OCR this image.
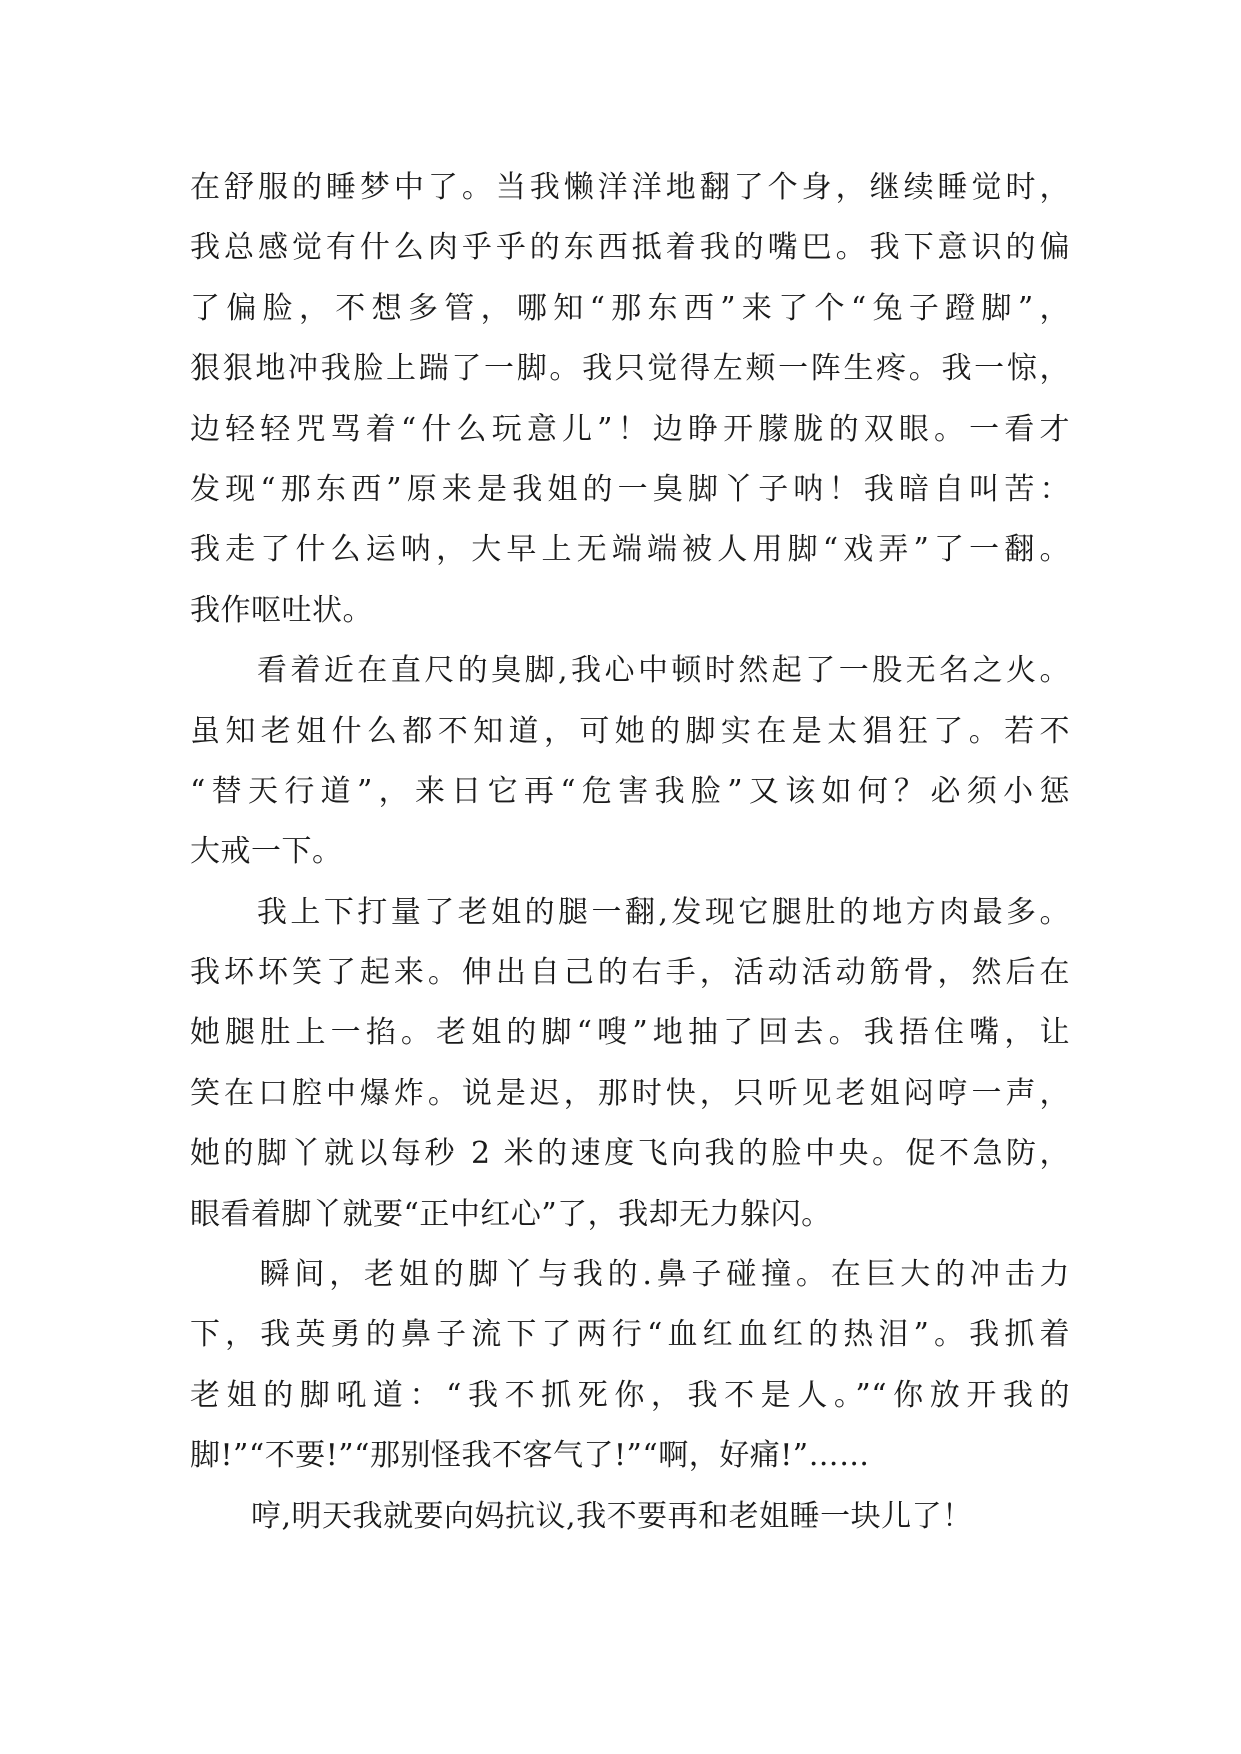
在舒服的睡梦中了。当我懒洋洋地翻了个身，继续睡觉时，
我总感觉有什么肉乎乎的东西抵着我的嘴巴。我下意识的偏
了偏脸，不想多管，哪知“那东西”来了个“兔子蹬脚”，
狠狠地冲我脸上踹了一脚。我只觉得左颊一阵生疼。我一惊，
边轻轻咒骂着“什么玩意儿”！边睁开朦胧的双眼。一看才
发现“那东西”原来是我姐的一臭脚丫子呐！我暗自叫苦：
我走了什么运呐，大早上无端端被人用脚“戏弄”了一翻。
我作呕吐状。
　　看着近在直尺的臭脚,我心中顿时然起了一股无名之火。
虽知老姐什么都不知道，可她的脚实在是太猖狂了。若不
“替天行道”，来日它再“危害我脸”又该如何？必须小惩
大戒一下。
　　我上下打量了老姐的腿一翻,发现它腿肚的地方肉最多。
我坏坏笑了起来。伸出自己的右手，活动活动筋骨，然后在
她腿肚上一掐。老姐的脚“嗖”地抽了回去。我捂住嘴，让
笑在口腔中爆炸。说是迟，那时快，只听见老姐闷哼一声，
她的脚丫就以每秒 2 米的速度飞向我的脸中央。促不急防，
眼看着脚丫就要“正中红心”了，我却无力躲闪。
　　瞬间，老姐的脚丫与我的.鼻子碰撞。在巨大的冲击力
下，我英勇的鼻子流下了两行“血红血红的热泪”。我抓着
老姐的脚吼道：“我不抓死你，我不是人。”“你放开我的
脚!”“不要!”“那别怪我不客气了!”“啊，好痛!”……
　　哼,明天我就要向妈抗议,我不要再和老姐睡一块儿了！
